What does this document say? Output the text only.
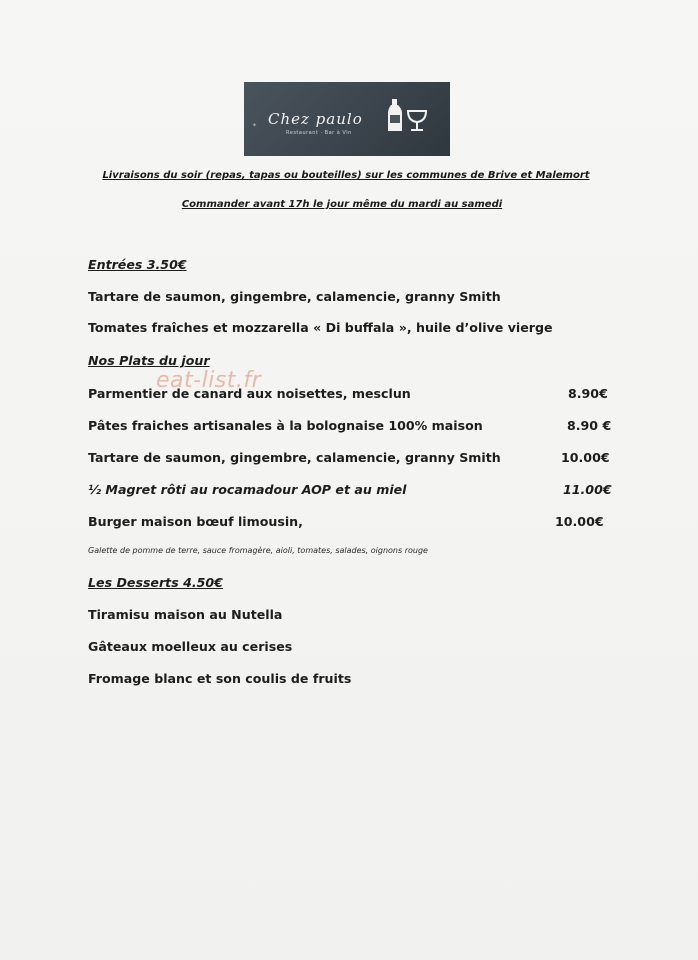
✦ Chez paulo
Restaurant · Bar à Vin
Livraisons du soir (repas, tapas ou bouteilles) sur les communes de Brive et Malemort
Commander avant 17h le jour même du mardi au samedi
Entrées 3.50€
Tartare de saumon, gingembre, calamencie, granny Smith
Tomates fraîches et mozzarella « Di buffala », huile d’olive vierge
Nos Plats du jour
Parmentier de canard aux noisettes, mesclun	8.90€
Pâtes fraiches artisanales à la bolognaise 100% maison	8.90 €
Tartare de saumon, gingembre, calamencie, granny Smith	10.00€
½ Magret rôti au rocamadour AOP et au miel	11.00€
Burger maison bœuf limousin,	10.00€
Galette de pomme de terre, sauce fromagère, aioli, tomates, salades, oignons rouge
Les Desserts 4.50€
Tiramisu maison au Nutella
Gâteaux moelleux au cerises
Fromage blanc et son coulis de fruits
eat-list.fr
